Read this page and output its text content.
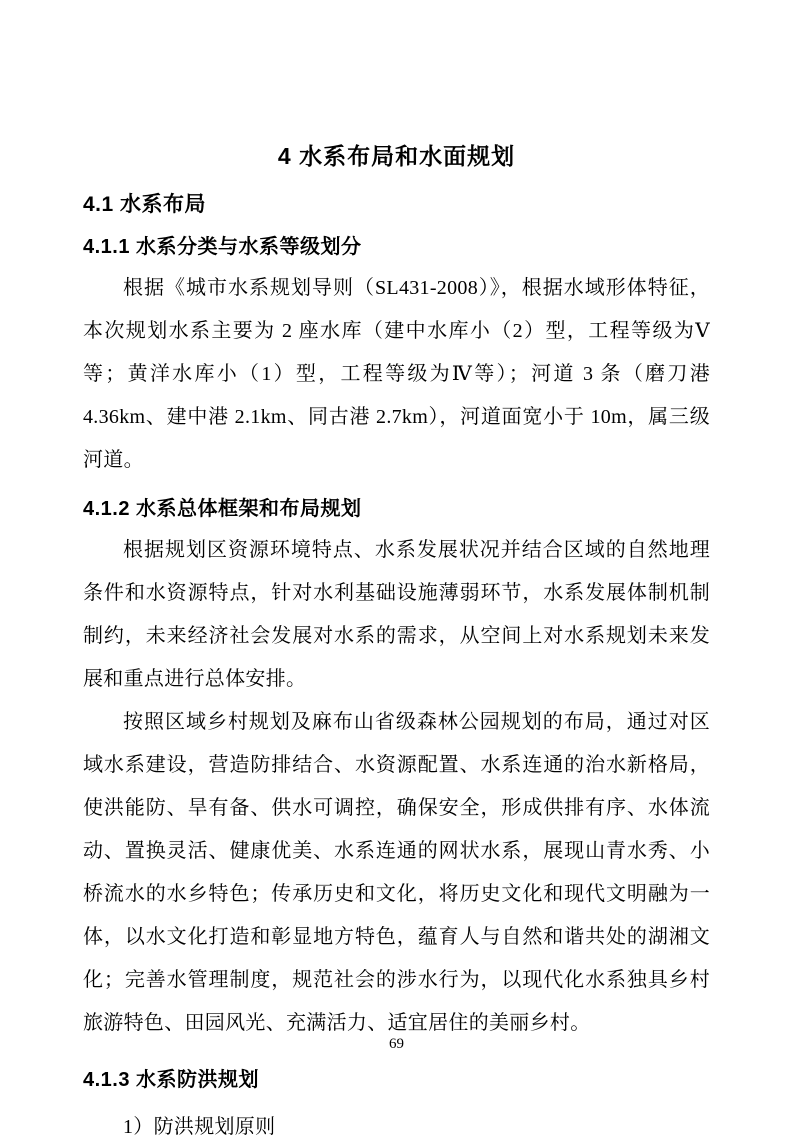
4 水系布局和水面规划
4.1 水系布局
4.1.1 水系分类与水系等级划分

根据《城市水系规划导则（SL431-2008）》，根据水域形体特征，本次规划水系主要为 2 座水库（建中水库小（2）型，工程等级为Ⅴ等；黄洋水库小（1）型，工程等级为Ⅳ等）；河道 3 条（磨刀港 4.36km、建中港 2.1km、同古港 2.7km），河道面宽小于 10m，属三级河道。

4.1.2 水系总体框架和布局规划

根据规划区资源环境特点、水系发展状况并结合区域的自然地理条件和水资源特点，针对水利基础设施薄弱环节，水系发展体制机制制约，未来经济社会发展对水系的需求，从空间上对水系规划未来发展和重点进行总体安排。

按照区域乡村规划及麻布山省级森林公园规划的布局，通过对区域水系建设，营造防排结合、水资源配置、水系连通的治水新格局，使洪能防、旱有备、供水可调控，确保安全，形成供排有序、水体流动、置换灵活、健康优美、水系连通的网状水系，展现山青水秀、小桥流水的水乡特色；传承历史和文化，将历史文化和现代文明融为一体，以水文化打造和彰显地方特色，蕴育人与自然和谐共处的湖湘文化；完善水管理制度，规范社会的涉水行为，以现代化水系独具乡村旅游特色、田园风光、充满活力、适宜居住的美丽乡村。

4.1.3 水系防洪规划

1）防洪规划原则

69
